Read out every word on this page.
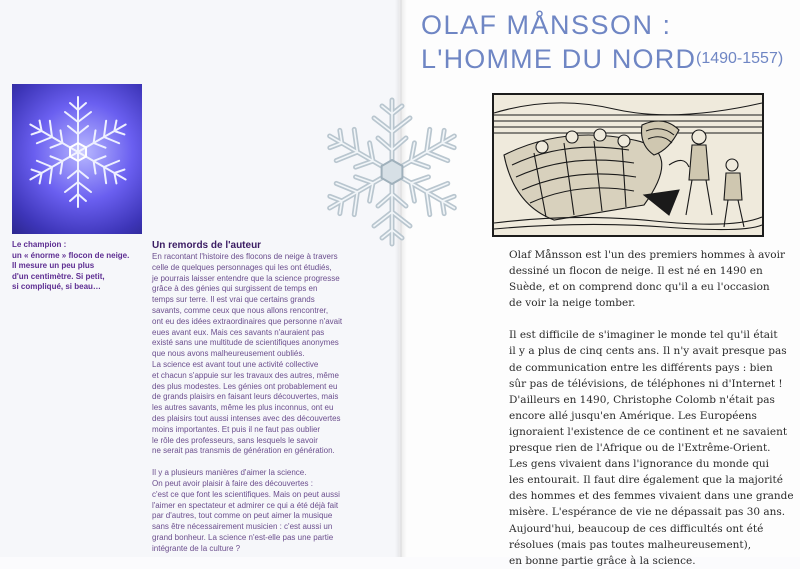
Le champion :
un « énorme » flocon de neige.
Il mesure un peu plus
d'un centimètre. Si petit,
si compliqué, si beau…
Un remords de l'auteur
En racontant l'histoire des flocons de neige à travers
celle de quelques personnages qui les ont étudiés,
je pourrais laisser entendre que la science progresse
grâce à des génies qui surgissent de temps en
temps sur terre. Il est vrai que certains grands
savants, comme ceux que nous allons rencontrer,
ont eu des idées extraordinaires que personne n'avait
eues avant eux. Mais ces savants n'auraient pas
existé sans une multitude de scientifiques anonymes
que nous avons malheureusement oubliés.
La science est avant tout une activité collective
et chacun s'appuie sur les travaux des autres, même
des plus modestes. Les génies ont probablement eu
de grands plaisirs en faisant leurs découvertes, mais
les autres savants, même les plus inconnus, ont eu
des plaisirs tout aussi intenses avec des découvertes
moins importantes. Et puis il ne faut pas oublier
le rôle des professeurs, sans lesquels le savoir
ne serait pas transmis de génération en génération.
Il y a plusieurs manières d'aimer la science.
On peut avoir plaisir à faire des découvertes :
c'est ce que font les scientifiques. Mais on peut aussi
l'aimer en spectateur et admirer ce qui a été déjà fait
par d'autres, tout comme on peut aimer la musique
sans être nécessairement musicien : c'est aussi un
grand bonheur. La science n'est-elle pas une partie
intégrante de la culture ?
OLAF MÅNSSON :
L'HOMME DU NORD (1490-1557)
Olaf Månsson est l'un des premiers hommes à avoir
dessiné un flocon de neige. Il est né en 1490 en
Suède, et on comprend donc qu'il a eu l'occasion
de voir la neige tomber.
Il est difficile de s'imaginer le monde tel qu'il était
il y a plus de cinq cents ans. Il n'y avait presque pas
de communication entre les différents pays : bien
sûr pas de télévisions, de téléphones ni d'Internet !
D'ailleurs en 1490, Christophe Colomb n'était pas
encore allé jusqu'en Amérique. Les Européens
ignoraient l'existence de ce continent et ne savaient
presque rien de l'Afrique ou de l'Extrême-Orient.
Les gens vivaient dans l'ignorance du monde qui
les entourait. Il faut dire également que la majorité
des hommes et des femmes vivaient dans une grande
misère. L'espérance de vie ne dépassait pas 30 ans.
Aujourd'hui, beaucoup de ces difficultés ont été
résolues (mais pas toutes malheureusement),
en bonne partie grâce à la science.
